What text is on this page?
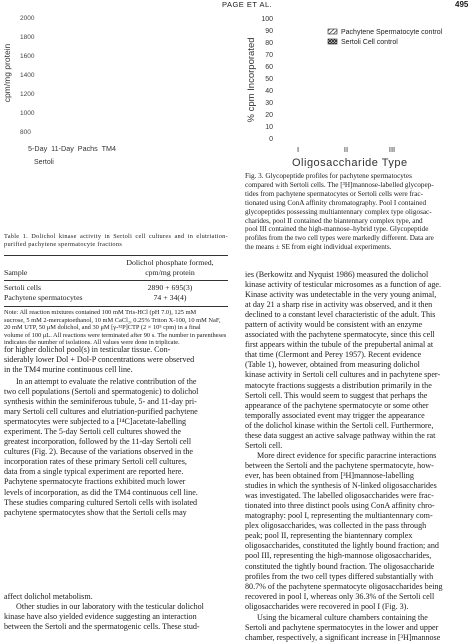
PAGE ET AL.	495
cpm/mg protein
2000
1800
1600
1400
1200
1000
800
5-Day  11-Day  Pachs  TM4
Sertoli
Table 1. Dolichol kinase activity in Sertoli cell cultures and in elutriation-purified pachytene spermatocyte fractions
Dolichol phosphate formed,
cpm/mg protein
Sample
Sertoli cells	2890 + 695(3)
Pachytene spermatocytes	74 + 34(4)
Note: All reaction mixtures contained 100 mM Tris-HCl (pH 7.0), 125 mM
sucrose, 5 mM 2-mercaptoethanol, 10 mM CaCl₂, 0.25% Triton X-100, 10 mM NaF,
20 mM UTP, 50 μM dolichol, and 30 μM [γ-³²P]CTP (2 × 10⁵ cpm) in a final
volume of 100 μL. All reactions were terminated after 90 s. The number in parentheses
indicates the number of isolations. All values were done in triplicate.
for higher dolichol pool(s) in testicular tissue. Con-
siderably lower Dol + Dol-P concentrations were observed
in the TM4 murine continuous cell line.
In an attempt to evaluate the relative contribution of the
two cell populations (Sertoli and spermatogenic) to dolichol
synthesis within the seminiferous tubule, 5- and 11-day pri-
mary Sertoli cell cultures and elutriation-purified pachytene
spermatocytes were subjected to a [¹⁴C]acetate-labelling
experiment. The 5-day Sertoli cell cultures showed the
greatest incorporation, followed by the 11-day Sertoli cell
cultures (Fig. 2). Because of the variations observed in the
incorporation rates of these primary Sertoli cell cultures,
data from a single typical experiment are reported here.
Pachytene spermatocyte fractions exhibited much lower
levels of incorporation, as did the TM4 continuous cell line.
These studies comparing cultured Sertoli cells with isolated
pachytene spermatocytes show that the Sertoli cells may
affect dolichol metabolism.
Other studies in our laboratory with the testicular dolichol
kinase have also yielded evidence suggesting an interaction
between the Sertoli and the spermatogenic cells. These stud-
% cpm Incorporated
100
90
80
70
60
50
40
30
20
10
0
Pachytene Spermatocyte control
Sertoli Cell control
I	II	III
Oligosaccharide Type
Fig. 3. Glycopeptide profiles for pachytene spermatocytes
compared with Sertoli cells. The [³H]mannose-labelled glycopep-
tides from pachytene spermatocytes or Sertoli cells were frac-
tionated using ConA affinity chromatography. Pool I contained
glycopeptides possessing multiantennary complex type oligosac-
charides, pool II contained the biantennary complex type, and
pool III contained the high-mannose–hybrid type. Glycopeptide
profiles from the two cell types were markedly different. Data are
the means ± SE from eight individual experiments.
ies (Berkowitz and Nyquist 1986) measured the dolichol
kinase activity of testicular microsomes as a function of age.
Kinase activity was undetectable in the very young animal,
at day 21 a sharp rise in activity was observed, and it then
declined to a constant level characteristic of the adult. This
pattern of activity would be consistent with an enzyme
associated with the pachytene spermatocyte, since this cell
first appears within the tubule of the prepubertal animal at
that time (Clermont and Perey 1957). Recent evidence
(Table 1), however, obtained from measuring dolichol
kinase activity in Sertoli cell cultures and in pachytene sper-
matocyte fractions suggests a distribution primarily in the
Sertoli cell. This would seem to suggest that perhaps the
appearance of the pachytene spermatocyte or some other
temporally associated event may trigger the appearance
of the dolichol kinase within the Sertoli cell. Furthermore,
these data suggest an active salvage pathway within the rat
Sertoli cell.
More direct evidence for specific paracrine interactions
between the Sertoli and the pachytene spermatocyte, how-
ever, has been obtained from [³H]mannose-labelling
studies in which the synthesis of N-linked oligosaccharides
was investigated. The labelled oligosaccharides were frac-
tionated into three distinct pools using ConA affinity chro-
matography: pool I, representing the multiantennary com-
plex oligosaccharides, was collected in the pass through
peak; pool II, representing the biantennary complex
oligosaccharides, constituted the lightly bound fraction; and
pool III, representing the high-mannose oligosaccharides,
constituted the tightly bound fraction. The oligosaccharide
profiles from the two cell types differed substantially with
80.7% of the pachytene spermatocyte oligosaccharides being
recovered in pool I, whereas only 36.3% of the Sertoli cell
oligosaccharides were recovered in pool I (Fig. 3).
Using the bicameral culture chambers containing the
Sertoli and pachytene spermatocytes in the lower and upper
chamber, respectively, a significant increase in [³H]mannose
